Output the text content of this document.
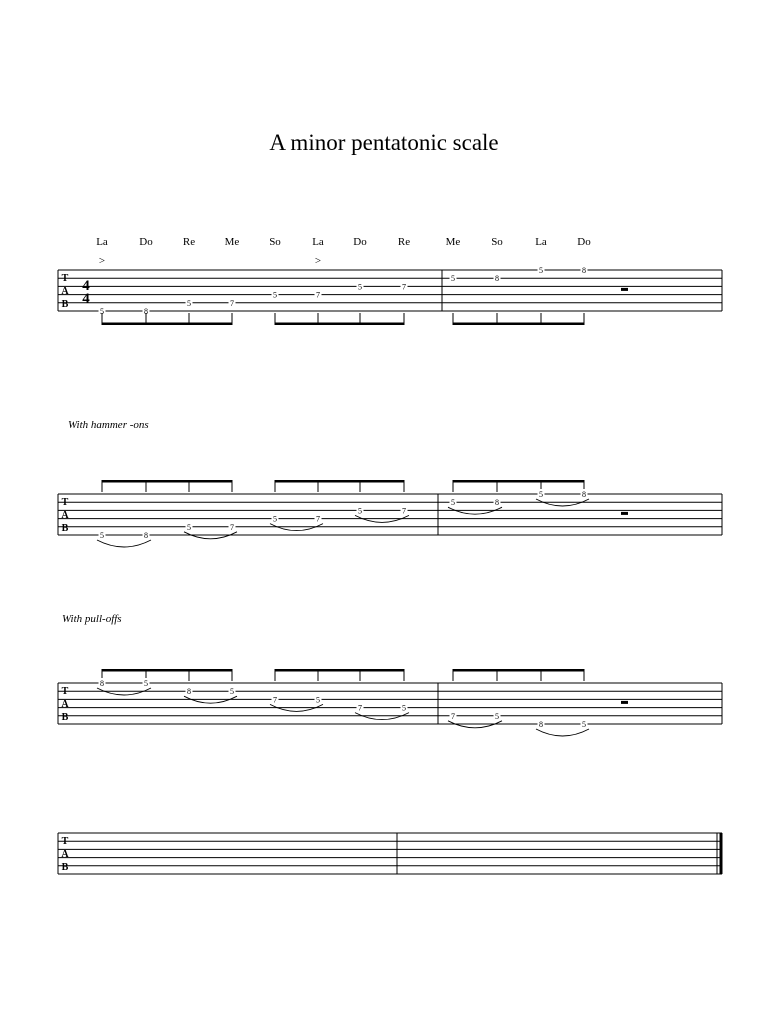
A minor pentatonic scale
La	Do	Re	Me	So	La	Do	Re	Me	So	La	Do
>	>
With hammer -ons
With pull-offs
T
A
B
4
4
5	8
5	7
5	7
5	7
5	8
5	8
T
A
B
5	8
5	7
5	7
5	7
5	8
5	8
T
A
B
8	5
8	5
7	5
7	5
7	5
8	5
T
A
B
